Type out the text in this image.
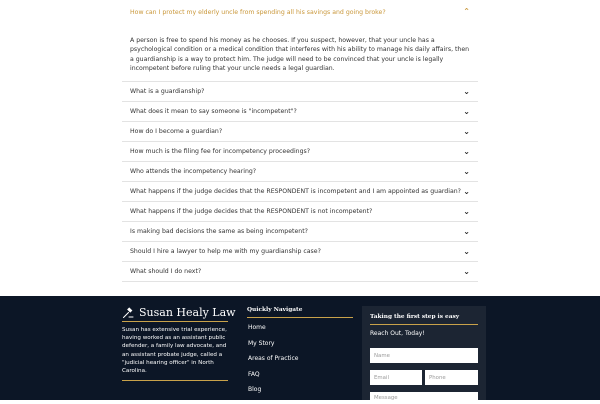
How can I protect my elderly uncle from spending all his savings and going broke?	⌃
A person is free to spend his money as he chooses. If you suspect, however, that your uncle has a psychological condition or a medical condition that interferes with his ability to manage his daily affairs, then a guardianship is a way to protect him. The judge will need to be convinced that your uncle is legally incompetent before ruling that your uncle needs a legal guardian.
What is a guardianship?	⌄
What does it mean to say someone is "incompetent"?	⌄
How do I become a guardian?	⌄
How much is the filing fee for incompetency proceedings?	⌄
Who attends the incompetency hearing?	⌄
What happens if the judge decides that the RESPONDENT is incompetent and I am appointed as guardian? ⌄
What happens if the judge decides that the RESPONDENT is not incompetent?	⌄
Is making bad decisions the same as being incompetent?	⌄
Should I hire a lawyer to help me with my guardianship case?	⌄
What should I do next?	⌄
Susan Healy Law
Susan has extensive trial experience, having worked as an assistant public defender, a family law advocate, and an assistant probate judge, called a "judicial hearing officer" in North Carolina.
Quickly Navigate
Home
My Story
Areas of Practice
FAQ
Blog
Taking the first step is easy
Reach Out, Today!
Name
Email
Phone
Message
